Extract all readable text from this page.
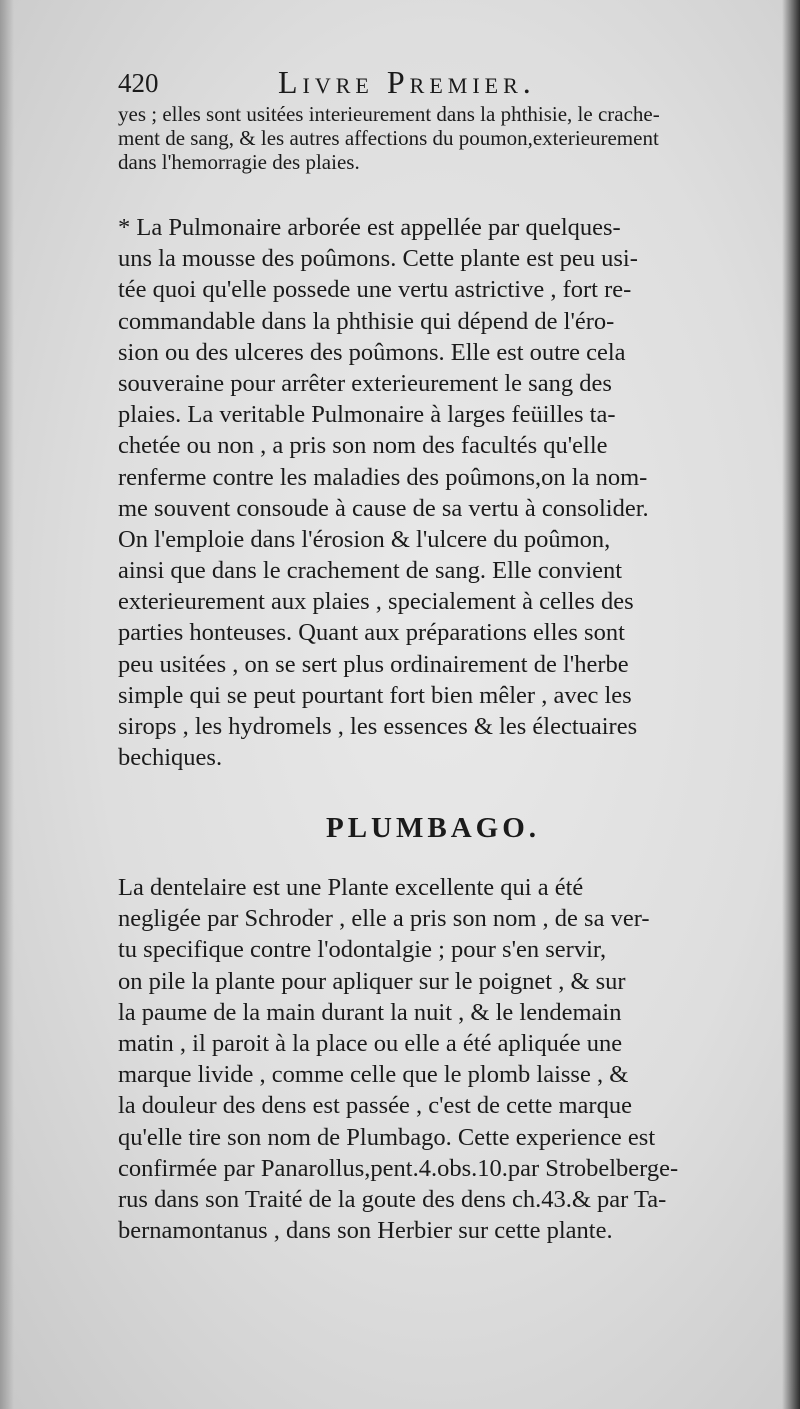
420	Livre Premier.

yes ; elles sont usitées interieurement dans la phthisie, le crache-

ment de sang, & les autres affections du poumon,exterieurement

dans l'hemorragie des plaies.

* La Pulmonaire arborée est appellée par quelques-

uns la mousse des poûmons. Cette plante est peu usi-

tée quoi qu'elle possede une vertu astrictive , fort re-

commandable dans la phthisie qui dépend de l'éro-

sion ou des ulceres des poûmons. Elle est outre cela

souveraine pour arrêter exterieurement le sang des

plaies. La veritable Pulmonaire à larges feüilles ta-

chetée ou non , a pris son nom des facultés qu'elle

renferme contre les maladies des poûmons,on la nom-

me souvent consoude à cause de sa vertu à consolider.

On l'emploie dans l'érosion & l'ulcere du poûmon,

ainsi que dans le crachement de sang. Elle convient

exterieurement aux plaies , specialement à celles des

parties honteuses. Quant aux préparations elles sont

peu usitées , on se sert plus ordinairement de l'herbe

simple qui se peut pourtant fort bien mêler , avec les

sirops , les hydromels , les essences & les électuaires

bechiques.

PLUMBAGO.

La dentelaire est une Plante excellente qui a été

negligée par Schroder , elle a pris son nom , de sa ver-

tu specifique contre l'odontalgie ; pour s'en servir,

on pile la plante pour apliquer sur le poignet , & sur

la paume de la main durant la nuit , & le lendemain

matin , il paroit à la place ou elle a été apliquée une

marque livide , comme celle que le plomb laisse , &

la douleur des dens est passée , c'est de cette marque

qu'elle tire son nom de Plumbago. Cette experience est

confirmée par Panarollus,pent.4.obs.10.par Strobelberge-

rus dans son Traité de la goute des dens ch.43.& par Ta-

bernamontanus , dans son Herbier sur cette plante.
